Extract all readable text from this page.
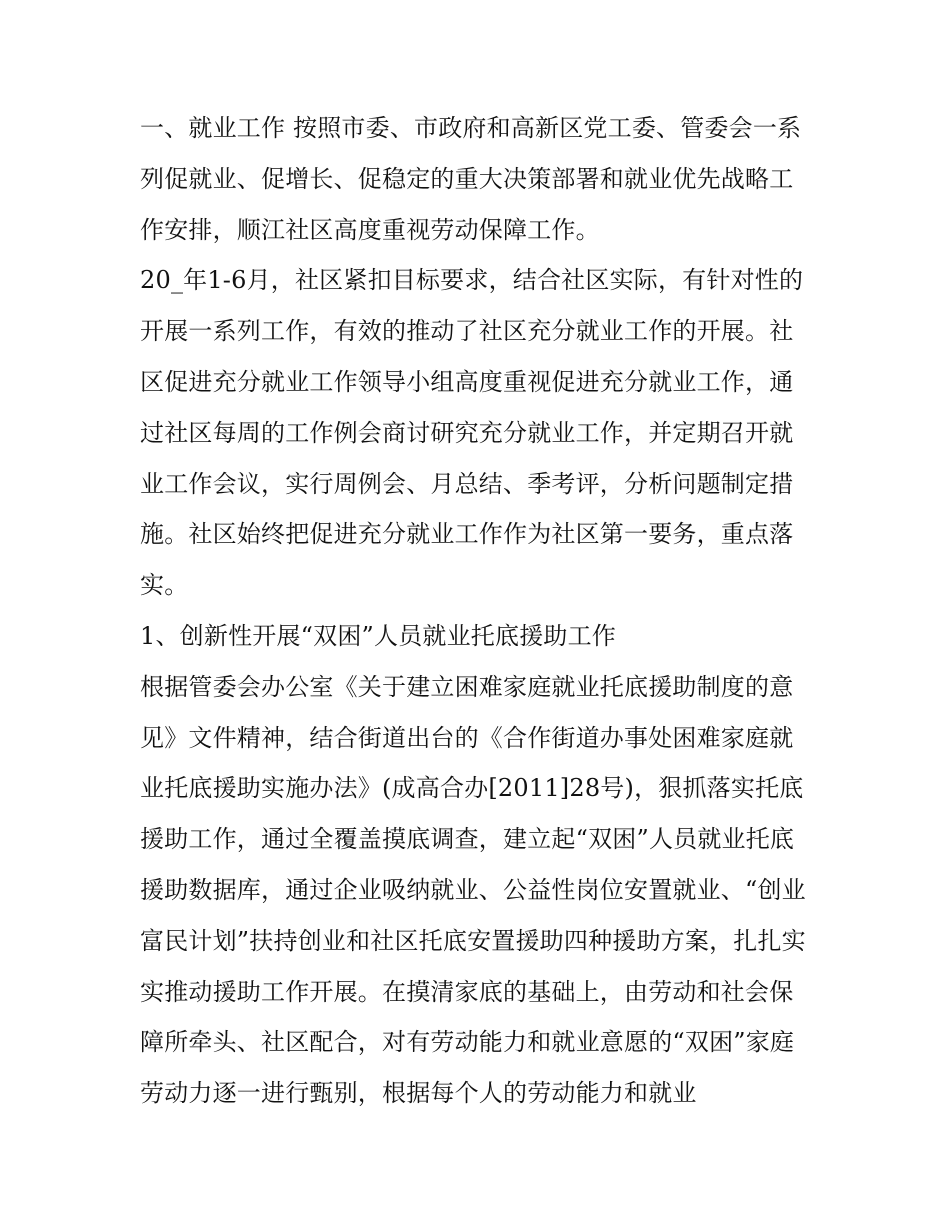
一、就业工作 按照市委、市政府和高新区党工委、管委会一系列促就业、促增长、促稳定的重大决策部署和就业优先战略工作安排，顺江社区高度重视劳动保障工作。

20_年1-6月，社区紧扣目标要求，结合社区实际，有针对性的开展一系列工作，有效的推动了社区充分就业工作的开展。社区促进充分就业工作领导小组高度重视促进充分就业工作，通过社区每周的工作例会商讨研究充分就业工作，并定期召开就业工作会议，实行周例会、月总结、季考评，分析问题制定措施。社区始终把促进充分就业工作作为社区第一要务，重点落实。

1、创新性开展“双困”人员就业托底援助工作

根据管委会办公室《关于建立困难家庭就业托底援助制度的意见》文件精神，结合街道出台的《合作街道办事处困难家庭就业托底援助实施办法》(成高合办[2011]28号)，狠抓落实托底援助工作，通过全覆盖摸底调查，建立起“双困”人员就业托底援助数据库，通过企业吸纳就业、公益性岗位安置就业、“创业富民计划”扶持创业和社区托底安置援助四种援助方案，扎扎实实推动援助工作开展。在摸清家底的基础上，由劳动和社会保障所牵头、社区配合，对有劳动能力和就业意愿的“双困”家庭劳动力逐一进行甄别，根据每个人的劳动能力和就业
